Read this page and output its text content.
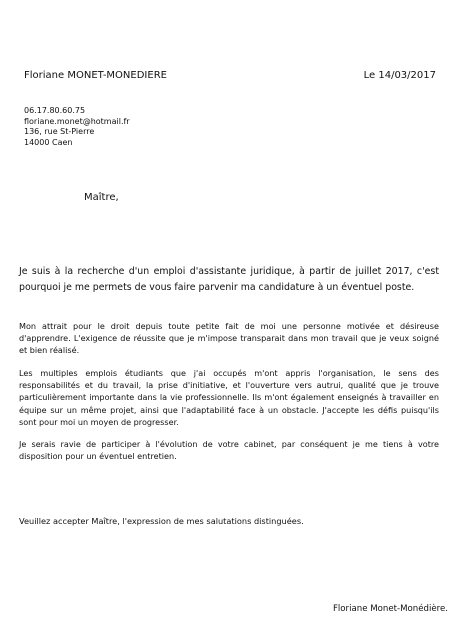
Floriane MONET-MONEDIERE	Le 14/03/2017
06.17.80.60.75
floriane.monet@hotmail.fr
136, rue St-Pierre
14000 Caen
Maître,
Je suis à la recherche d'un emploi d'assistante juridique, à partir de juillet 2017, c'est pourquoi je me permets de vous faire parvenir ma candidature à un éventuel poste.
Mon attrait pour le droit depuis toute petite fait de moi une personne motivée et désireuse d'apprendre. L'exigence de réussite que je m'impose transparait dans mon travail que je veux soigné et bien réalisé.
Les multiples emplois étudiants que j'ai occupés m'ont appris l'organisation, le sens des responsabilités et du travail, la prise d'initiative, et l'ouverture vers autrui, qualité que je trouve particulièrement importante dans la vie professionnelle. Ils m'ont également enseignés à travailler en équipe sur un même projet, ainsi que l'adaptabilité face à un obstacle. J'accepte les défis puisqu'ils sont pour moi un moyen de progresser.
Je serais ravie de participer à l'évolution de votre cabinet, par conséquent je me tiens à votre disposition pour un éventuel entretien.
Veuillez accepter Maître, l'expression de mes salutations distinguées.
Floriane Monet-Monédière.
